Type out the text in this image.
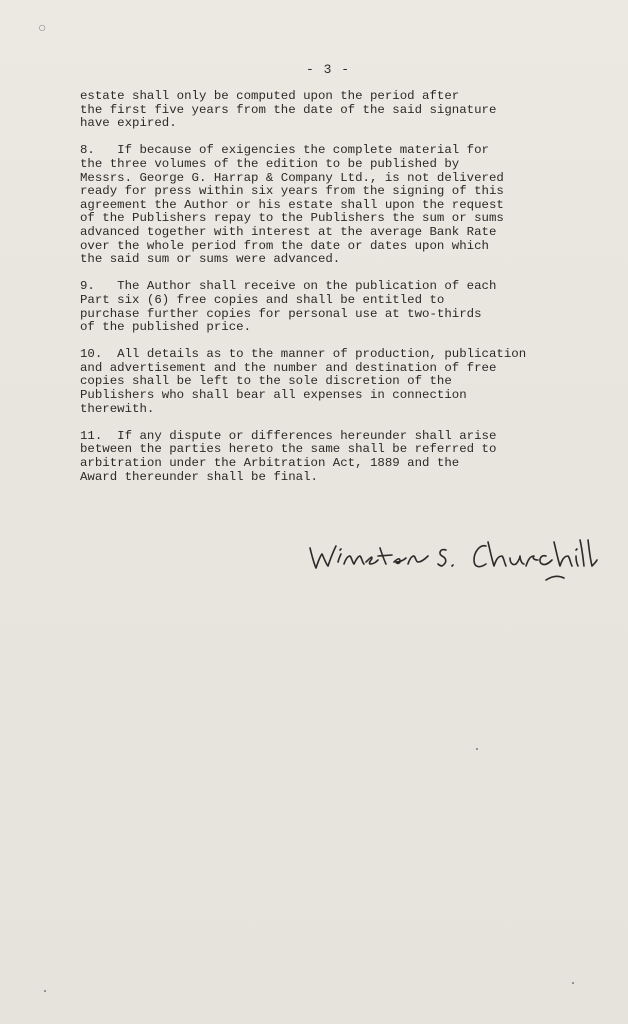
○
- 3 -

estate shall only be computed upon the period after
the first five years from the date of the said signature
have expired.

8.   If because of exigencies the complete material for
the three volumes of the edition to be published by
Messrs. George G. Harrap & Company Ltd., is not delivered
ready for press within six years from the signing of this
agreement the Author or his estate shall upon the request
of the Publishers repay to the Publishers the sum or sums
advanced together with interest at the average Bank Rate
over the whole period from the date or dates upon which
the said sum or sums were advanced.

9.   The Author shall receive on the publication of each
Part six (6) free copies and shall be entitled to
purchase further copies for personal use at two-thirds
of the published price.

10.  All details as to the manner of production, publication
and advertisement and the number and destination of free
copies shall be left to the sole discretion of the
Publishers who shall bear all expenses in connection
therewith.

11.  If any dispute or differences hereunder shall arise
between the parties hereto the same shall be referred to
arbitration under the Arbitration Act, 1889 and the
Award thereunder shall be final.
